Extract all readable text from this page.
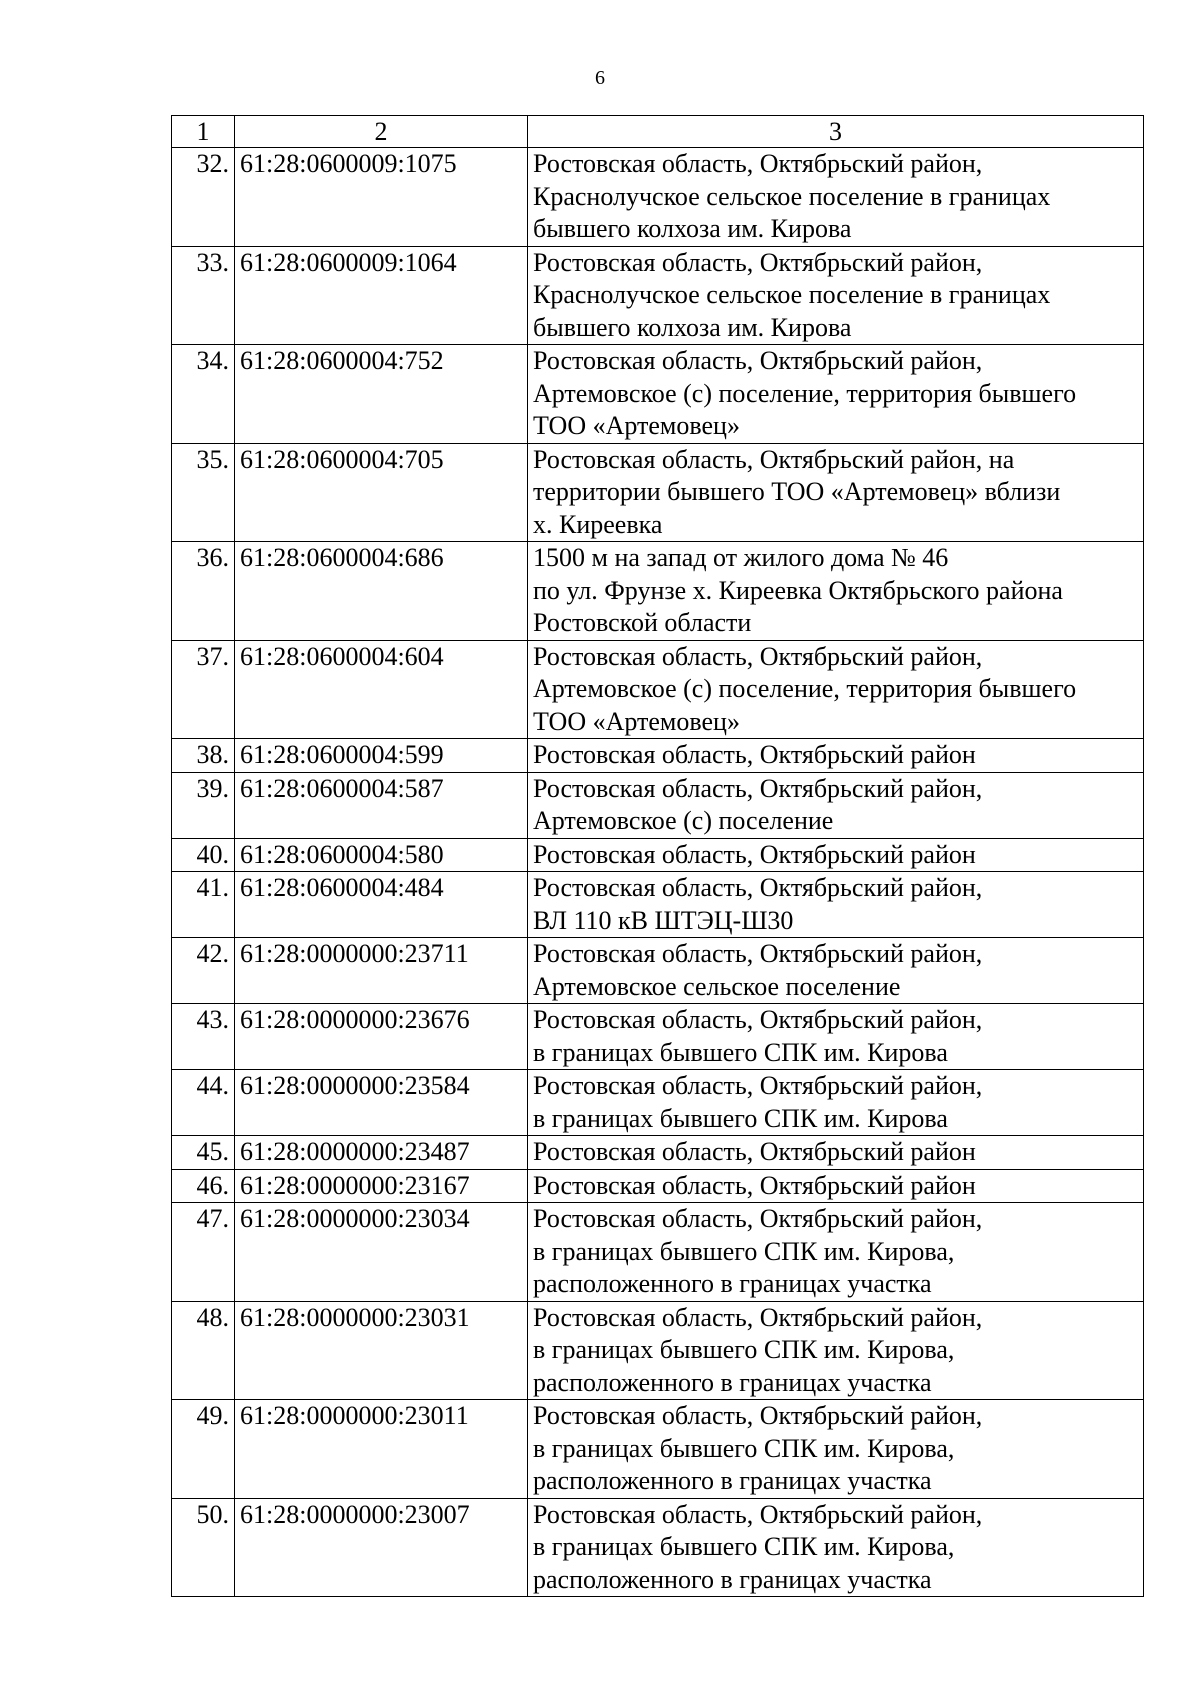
6
1	2	3
32.	61:28:0600009:1075	Ростовская область, Октябрьский район,
Краснолучское сельское поселение в границах
бывшего колхоза им. Кирова

33.	61:28:0600009:1064	Ростовская область, Октябрьский район,
Краснолучское сельское поселение в границах
бывшего колхоза им. Кирова

34.	61:28:0600004:752	Ростовская область, Октябрьский район,
Артемовское (с) поселение, территория бывшего
ТОО «Артемовец»

35.	61:28:0600004:705	Ростовская область, Октябрьский район, на
территории бывшего ТОО «Артемовец» вблизи
х. Киреевка

36.	61:28:0600004:686	1500 м на запад от жилого дома № 46
по ул. Фрунзе х. Киреевка Октябрьского района
Ростовской области

37.	61:28:0600004:604	Ростовская область, Октябрьский район,
Артемовское (с) поселение, территория бывшего
ТОО «Артемовец»

38.	61:28:0600004:599	Ростовская область, Октябрьский район

39.	61:28:0600004:587	Ростовская область, Октябрьский район,
Артемовское (с) поселение

40.	61:28:0600004:580	Ростовская область, Октябрьский район

41.	61:28:0600004:484	Ростовская область, Октябрьский район,
ВЛ 110 кВ ШТЭЦ-Ш30

42.	61:28:0000000:23711	Ростовская область, Октябрьский район,
Артемовское сельское поселение

43.	61:28:0000000:23676	Ростовская область, Октябрьский район,
в границах бывшего СПК им. Кирова

44.	61:28:0000000:23584	Ростовская область, Октябрьский район,
в границах бывшего СПК им. Кирова

45.	61:28:0000000:23487	Ростовская область, Октябрьский район

46.	61:28:0000000:23167	Ростовская область, Октябрьский район

47.	61:28:0000000:23034	Ростовская область, Октябрьский район,
в границах бывшего СПК им. Кирова,
расположенного в границах участка

48.	61:28:0000000:23031	Ростовская область, Октябрьский район,
в границах бывшего СПК им. Кирова,
расположенного в границах участка

49.	61:28:0000000:23011	Ростовская область, Октябрьский район,
в границах бывшего СПК им. Кирова,
расположенного в границах участка

50.	61:28:0000000:23007	Ростовская область, Октябрьский район,
в границах бывшего СПК им. Кирова,
расположенного в границах участка
